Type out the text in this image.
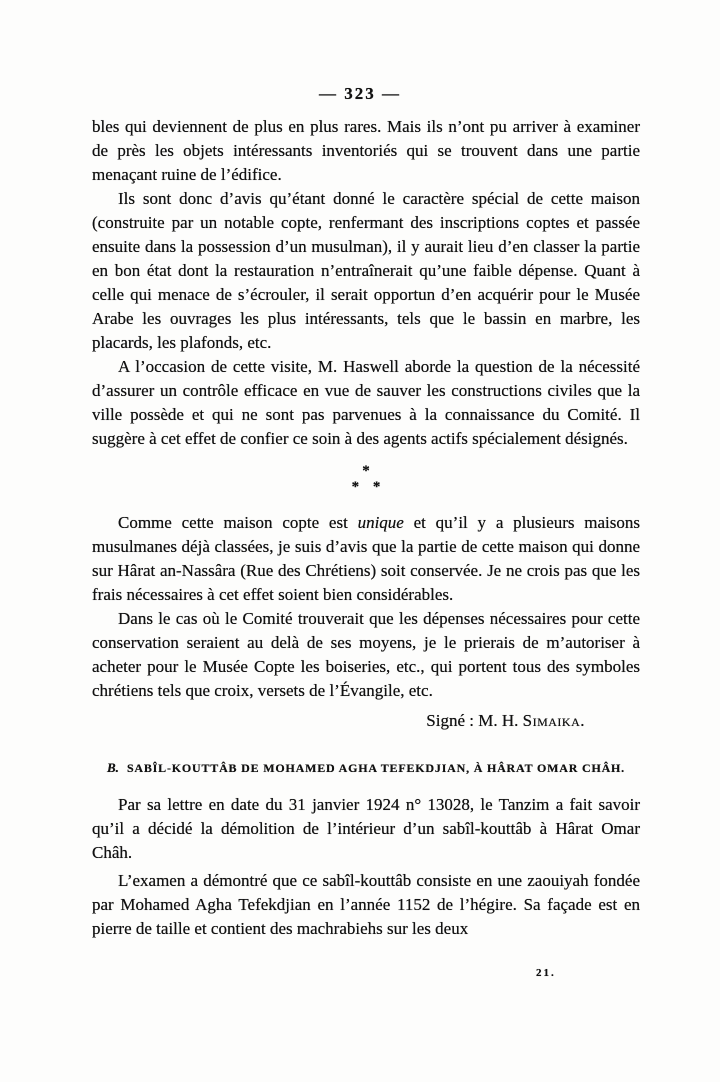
— 323 —

bles qui deviennent de plus en plus rares. Mais ils n’ont pu arriver à examiner de près les objets intéressants inventoriés qui se trouvent dans une partie menaçant ruine de l’édifice.

Ils sont donc d’avis qu’étant donné le caractère spécial de cette maison (construite par un notable copte, renfermant des inscriptions coptes et passée ensuite dans la possession d’un musulman), il y aurait lieu d’en classer la partie en bon état dont la restauration n’entraînerait qu’une faible dépense. Quant à celle qui menace de s’écrouler, il serait opportun d’en acquérir pour le Musée Arabe les ouvrages les plus intéressants, tels que le bassin en marbre, les placards, les plafonds, etc.

A l’occasion de cette visite, M. Haswell aborde la question de la nécessité d’assurer un contrôle efficace en vue de sauver les constructions civiles que la ville possède et qui ne sont pas parvenues à la connaissance du Comité. Il suggère à cet effet de confier ce soin à des agents actifs spécialement désignés.

*
* *

Comme cette maison copte est unique et qu’il y a plusieurs maisons musulmanes déjà classées, je suis d’avis que la partie de cette maison qui donne sur Hârat an-Nassâra (Rue des Chrétiens) soit conservée. Je ne crois pas que les frais nécessaires à cet effet soient bien considérables.

Dans le cas où le Comité trouverait que les dépenses nécessaires pour cette conservation seraient au delà de ses moyens, je le prierais de m’autoriser à acheter pour le Musée Copte les boiseries, etc., qui portent tous des symboles chrétiens tels que croix, versets de l’Évangile, etc.

Signé : M. H. Simaika.
B. SABÎL-KOUTTÂB DE MOHAMED AGHA TEFEKDJIAN, À HÂRAT OMAR CHÂH.

Par sa lettre en date du 31 janvier 1924 n° 13028, le Tanzim a fait savoir qu’il a décidé la démolition de l’intérieur d’un sabîl-kouttâb à Hârat Omar Châh.

L’examen a démontré que ce sabîl-kouttâb consiste en une zaouiyah fondée par Mohamed Agha Tefekdjian en l’année 1152 de l’hégire. Sa façade est en pierre de taille et contient des machrabiehs sur les deux

21.
